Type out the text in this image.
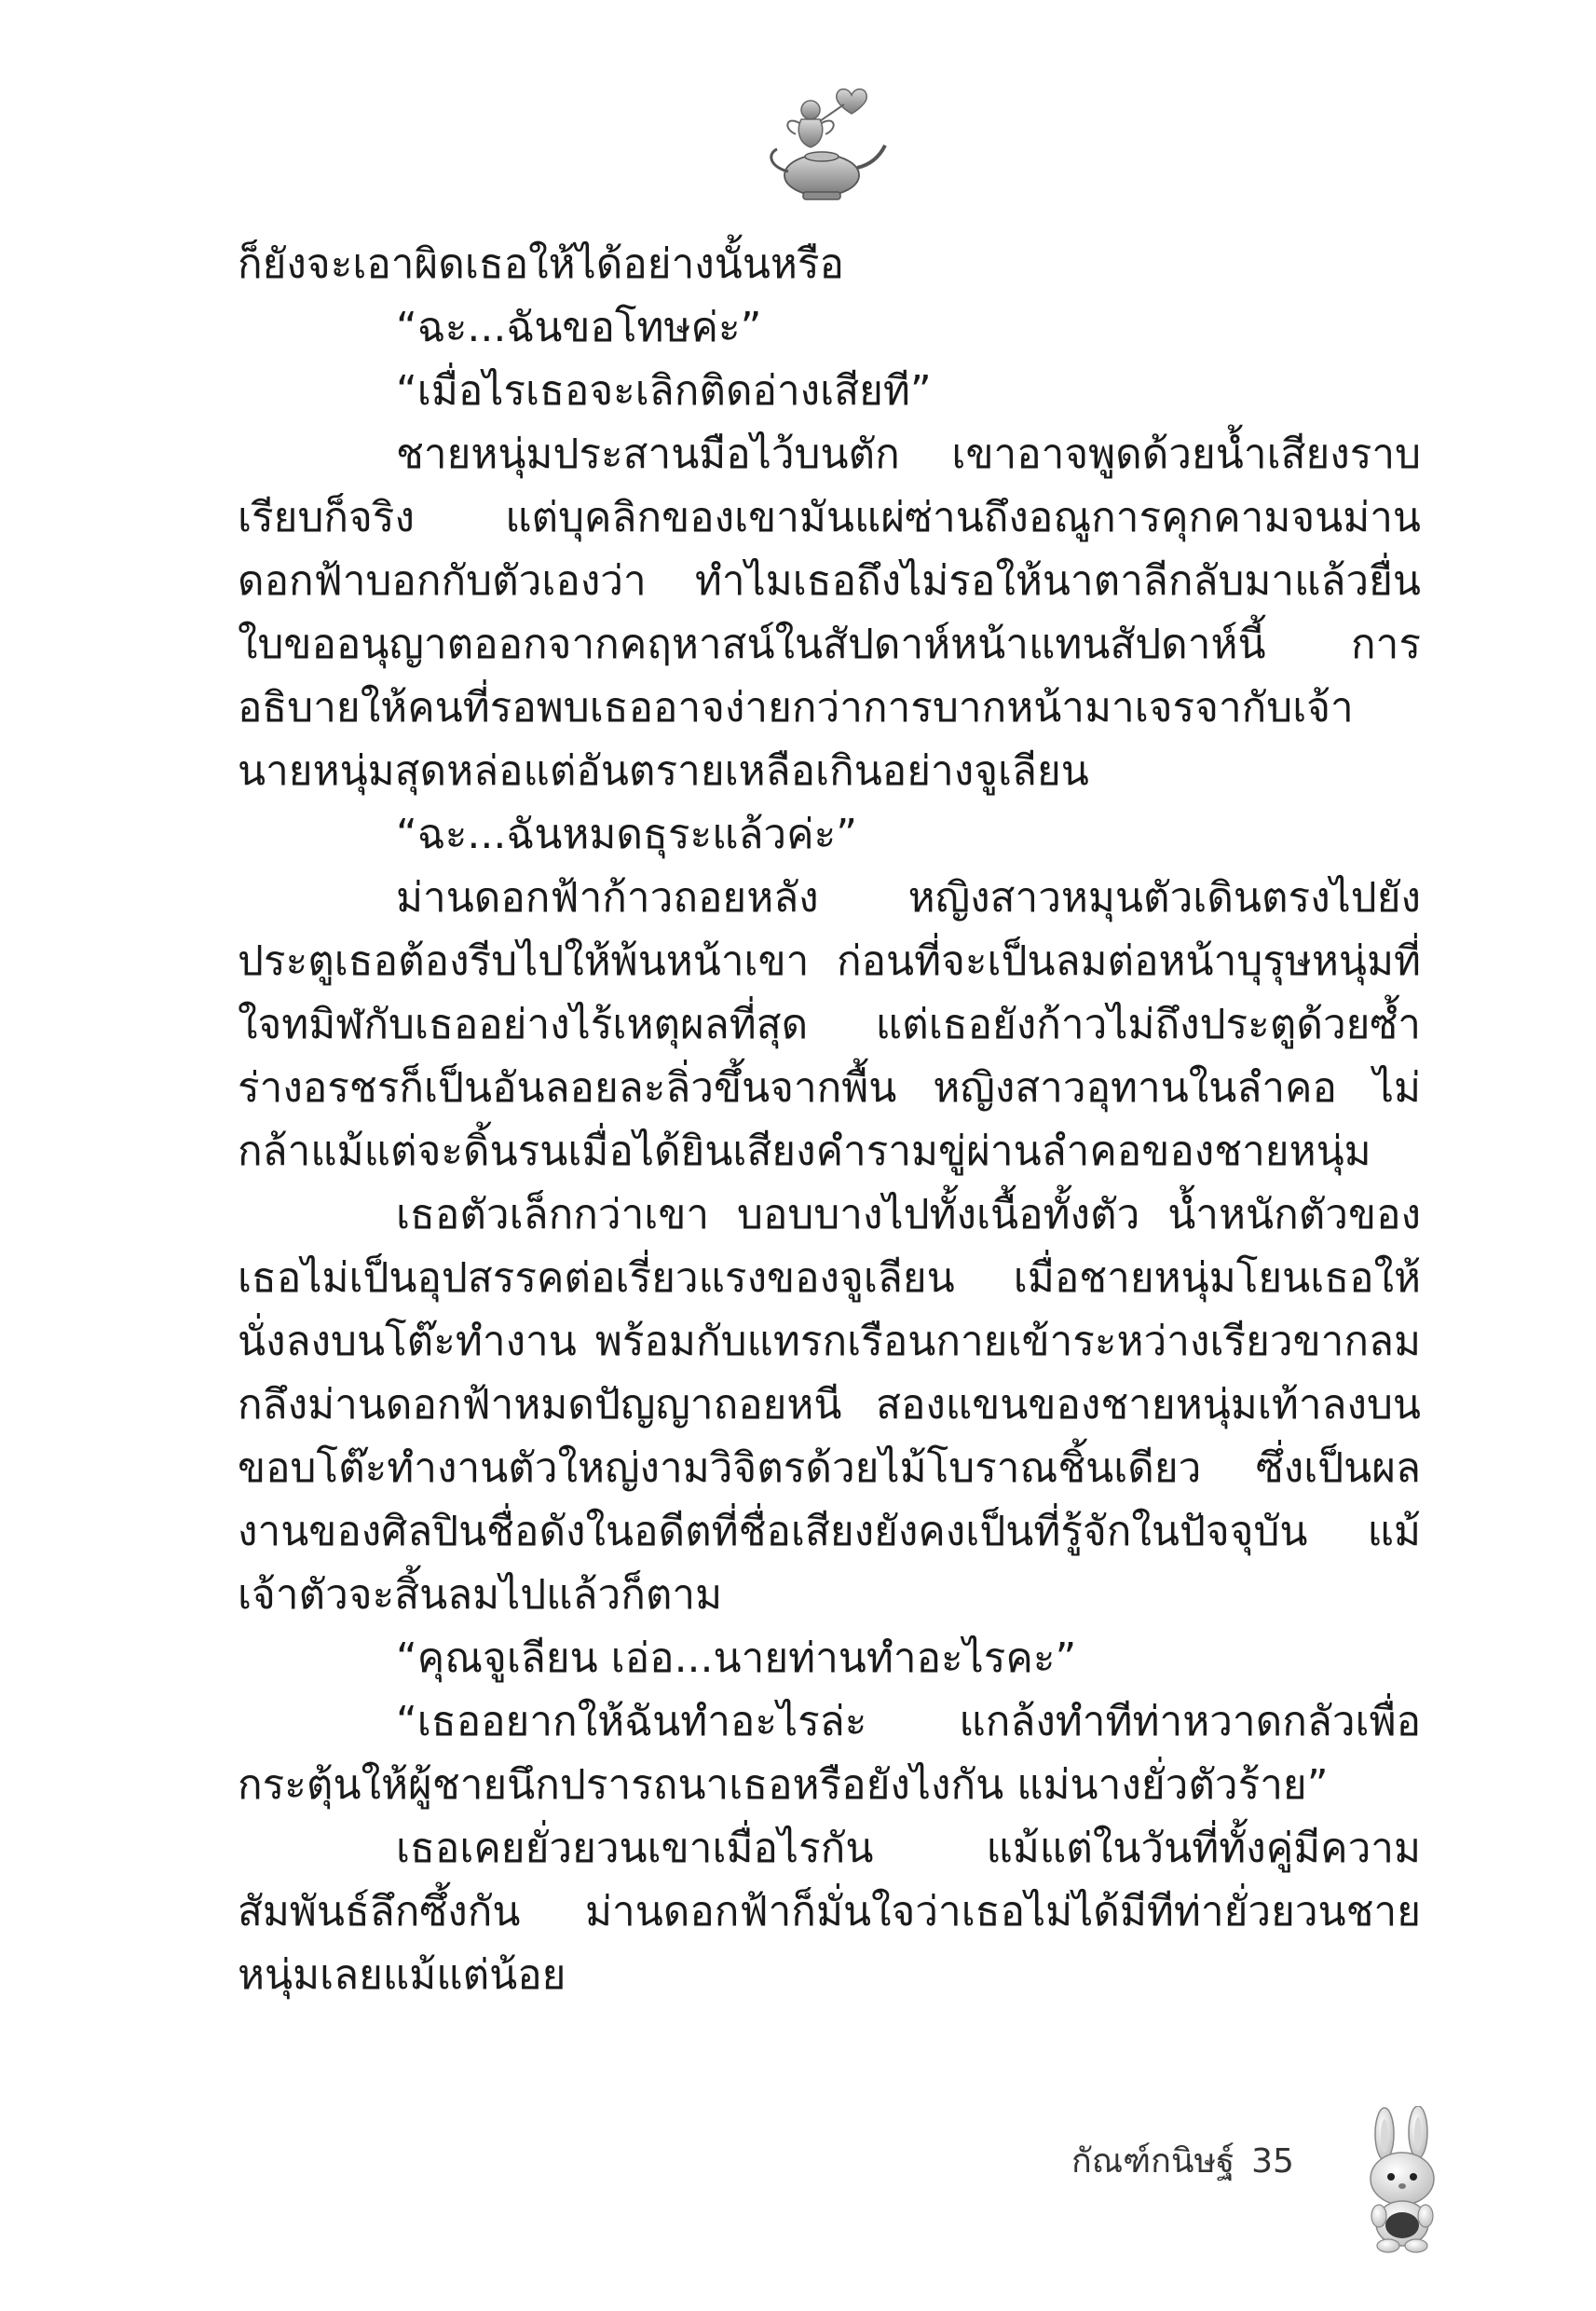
ก็ยังจะเอาผิดเธอให้ได้อย่างนั้นหรือ

“ฉะ...ฉันขอโทษค่ะ”

“เมื่อไรเธอจะเลิกติดอ่างเสียที”

ชายหนุ่มประสานมือไว้บนตัก เขาอาจพูดด้วยน้ำเสียงราบเรียบก็จริง แต่บุคลิกของเขามันแผ่ซ่านถึงอณูการคุกคามจนม่านดอกฟ้าบอกกับตัวเองว่า ทำไมเธอถึงไม่รอให้นาตาลีกลับมาแล้วยื่นใบขออนุญาตออกจากคฤหาสน์ในสัปดาห์หน้าแทนสัปดาห์นี้ การอธิบายให้คนที่รอพบเธออาจง่ายกว่าการบากหน้ามาเจรจากับเจ้านายหนุ่มสุดหล่อแต่อันตรายเหลือเกินอย่างจูเลียน

“ฉะ...ฉันหมดธุระแล้วค่ะ”

ม่านดอกฟ้าก้าวถอยหลัง หญิงสาวหมุนตัวเดินตรงไปยังประตูเธอต้องรีบไปให้พ้นหน้าเขา ก่อนที่จะเป็นลมต่อหน้าบุรุษหนุ่มที่ใจทมิฬกับเธออย่างไร้เหตุผลที่สุด แต่เธอยังก้าวไม่ถึงประตูด้วยซ้ำ ร่างอรชรก็เป็นอันลอยละลิ่วขึ้นจากพื้น หญิงสาวอุทานในลำคอ ไม่กล้าแม้แต่จะดิ้นรนเมื่อได้ยินเสียงคำรามขู่ผ่านลำคอของชายหนุ่ม

เธอตัวเล็กกว่าเขา บอบบางไปทั้งเนื้อทั้งตัว น้ำหนักตัวของเธอไม่เป็นอุปสรรคต่อเรี่ยวแรงของจูเลียน เมื่อชายหนุ่มโยนเธอให้นั่งลงบนโต๊ะทำงาน พร้อมกับแทรกเรือนกายเข้าระหว่างเรียวขากลมกลึงม่านดอกฟ้าหมดปัญญาถอยหนี สองแขนของชายหนุ่มเท้าลงบนขอบโต๊ะทำงานตัวใหญ่งามวิจิตรด้วยไม้โบราณชิ้นเดียว ซึ่งเป็นผลงานของศิลปินชื่อดังในอดีตที่ชื่อเสียงยังคงเป็นที่รู้จักในปัจจุบัน แม้เจ้าตัวจะสิ้นลมไปแล้วก็ตาม

“คุณจูเลียน เอ่อ...นายท่านทำอะไรคะ”

“เธออยากให้ฉันทำอะไรล่ะ แกล้งทำทีท่าหวาดกลัวเพื่อกระตุ้นให้ผู้ชายนึกปรารถนาเธอหรือยังไงกัน แม่นางยั่วตัวร้าย”

เธอเคยยั่วยวนเขาเมื่อไรกัน แม้แต่ในวันที่ทั้งคู่มีความสัมพันธ์ลึกซึ้งกัน ม่านดอกฟ้าก็มั่นใจว่าเธอไม่ได้มีทีท่ายั่วยวนชายหนุ่มเลยแม้แต่น้อย

กัณฑ์กนิษฐ์ 35
